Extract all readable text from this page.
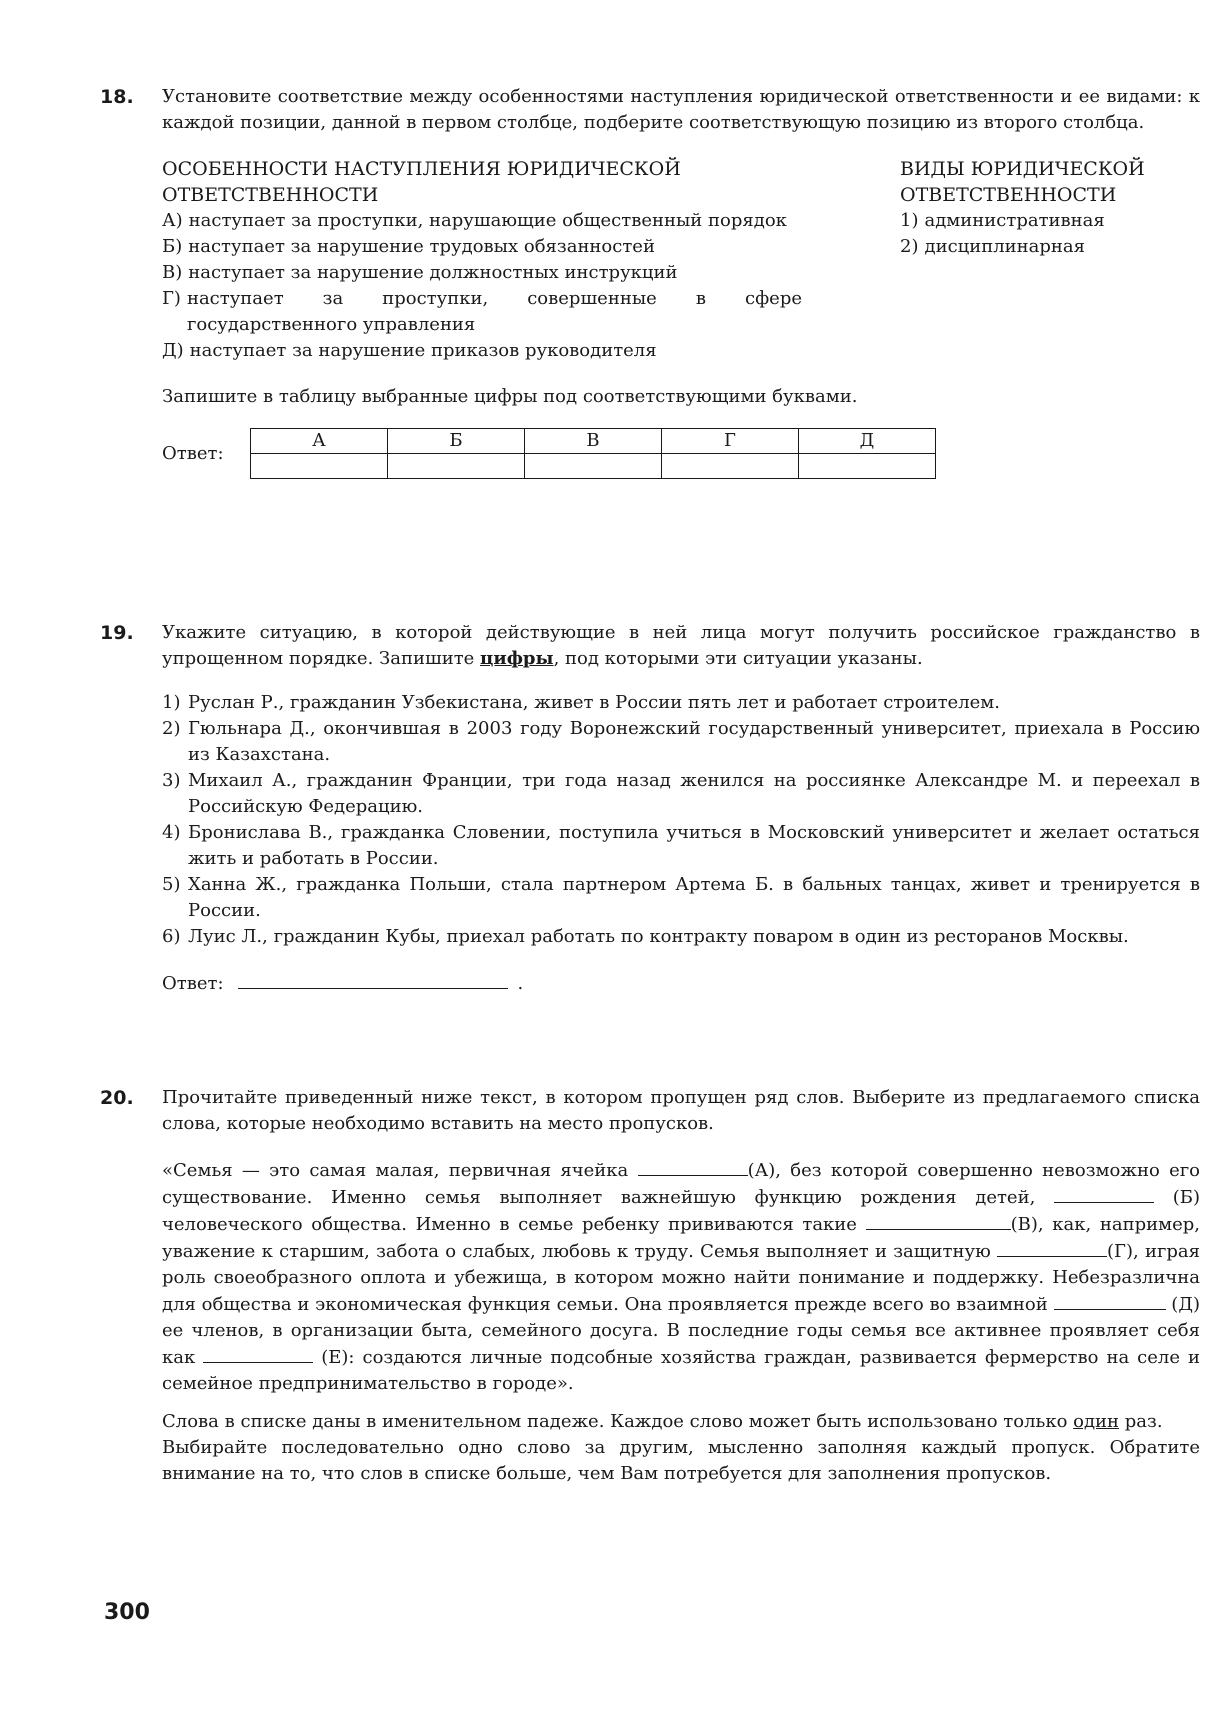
18.	Установите соответствие между особенностями наступления юридической ответственности и ее видами: к каждой позиции, данной в первом столбце, подберите соответствующую позицию из второго столбца.

ОСОБЕННОСТИ НАСТУПЛЕНИЯ ЮРИДИЧЕСКОЙ ОТВЕТСТВЕННОСТИ
А) наступает за проступки, нарушающие общественный порядок
Б) наступает за нарушение трудовых обязанностей
В) наступает за нарушение должностных инструкций
Г) наступает за проступки, совершенные в сфере государственного управления
Д) наступает за нарушение приказов руководителя
ВИДЫ ЮРИДИЧЕСКОЙ ОТВЕТСТВЕННОСТИ
1) административная
2) дисциплинарная

Запишите в таблицу выбранные цифры под соответствующими буквами.

Ответ:
А	Б	В	Г	Д

19.	Укажите ситуацию, в которой действующие в ней лица могут получить российское гражданство в упрощенном порядке. Запишите цифры, под которыми эти ситуации указаны.

1) Руслан Р., гражданин Узбекистана, живет в России пять лет и работает строителем.
2) Гюльнара Д., окончившая в 2003 году Воронежский государственный университет, приехала в Россию из Казахстана.
3) Михаил А., гражданин Франции, три года назад женился на россиянке Александре М. и переехал в Российскую Федерацию.
4) Бронислава В., гражданка Словении, поступила учиться в Московский университет и желает остаться жить и работать в России.
5) Ханна Ж., гражданка Польши, стала партнером Артема Б. в бальных танцах, живет и тренируется в России.
6) Луис Л., гражданин Кубы, приехал работать по контракту поваром в один из ресторанов Москвы.
Ответ:	.
20.	Прочитайте приведенный ниже текст, в котором пропущен ряд слов. Выберите из предлагаемого списка слова, которые необходимо вставить на место пропусков.

«Семья — это самая малая, первичная ячейка	(А), без которой совершенно невозможно его существование. Именно семья выполняет важнейшую функцию рождения детей,	(Б) человеческого общества. Именно в семье ребенку прививаются такие	(В), как, например, уважение к старшим, забота о слабых, любовь к труду. Семья выполняет и защитную	(Г), играя роль своеобразного оплота и убежища, в котором можно найти понимание и поддержку. Небезразлична для общества и экономическая функция семьи. Она проявляется прежде всего во взаимной	(Д) ее членов, в организации быта, семейного досуга. В последние годы семья все активнее проявляет себя как	(Е): создаются личные подсобные хозяйства граждан, развивается фермерство на селе и семейное предпринимательство в городе».

Слова в списке даны в именительном падеже. Каждое слово может быть использовано только один раз.

Выбирайте последовательно одно слово за другим, мысленно заполняя каждый пропуск. Обратите внимание на то, что слов в списке больше, чем Вам потребуется для заполнения пропусков.

300
